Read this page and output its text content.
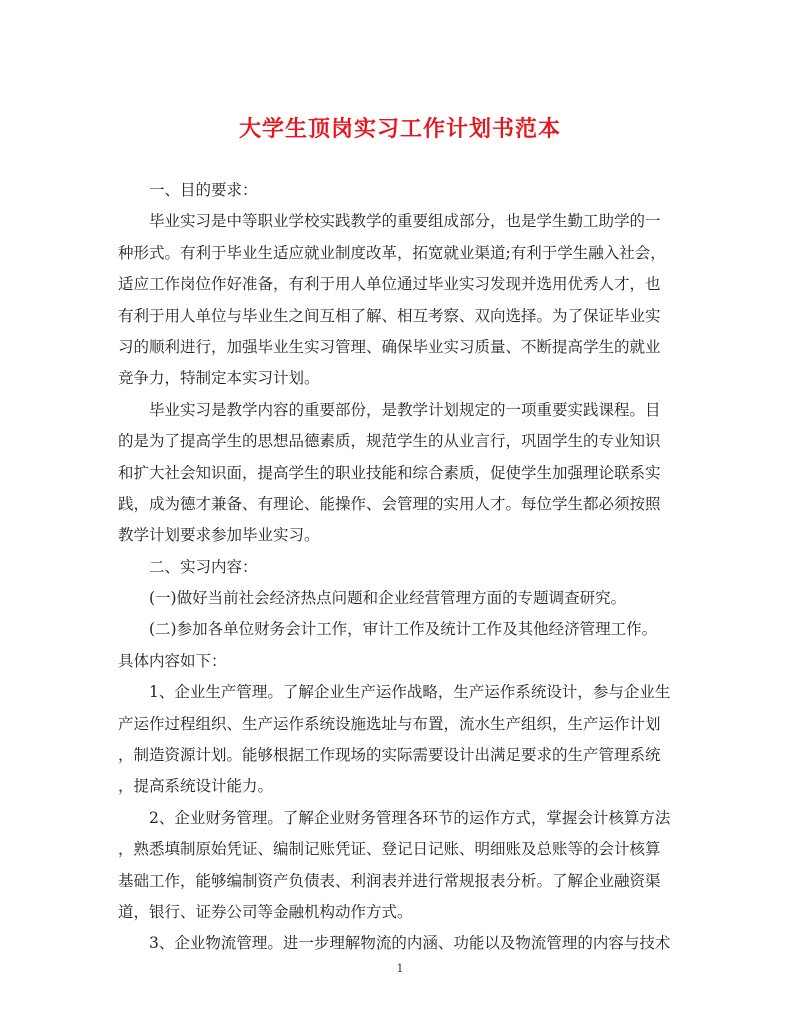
大学生顶岗实习工作计划书范本
一、目的要求：
毕业实习是中等职业学校实践教学的重要组成部分，也是学生勤工助学的一
种形式。有利于毕业生适应就业制度改革，拓宽就业渠道;有利于学生融入社会，
适应工作岗位作好准备，有利于用人单位通过毕业实习发现并选用优秀人才，也
有利于用人单位与毕业生之间互相了解、相互考察、双向选择。为了保证毕业实
习的顺利进行，加强毕业生实习管理、确保毕业实习质量、不断提高学生的就业
竞争力，特制定本实习计划。
毕业实习是教学内容的重要部份，是教学计划规定的一项重要实践课程。目
的是为了提高学生的思想品德素质，规范学生的从业言行，巩固学生的专业知识
和扩大社会知识面，提高学生的职业技能和综合素质，促使学生加强理论联系实
践，成为德才兼备、有理论、能操作、会管理的实用人才。每位学生都必须按照
教学计划要求参加毕业实习。
二、实习内容：
(一)做好当前社会经济热点问题和企业经营管理方面的专题调查研究。
(二)参加各单位财务会计工作，审计工作及统计工作及其他经济管理工作。
具体内容如下：
1、企业生产管理。了解企业生产运作战略，生产运作系统设计，参与企业生
产运作过程组织、生产运作系统设施选址与布置，流水生产组织，生产运作计划
，制造资源计划。能够根据工作现场的实际需要设计出满足要求的生产管理系统
，提高系统设计能力。
2、企业财务管理。了解企业财务管理各环节的运作方式，掌握会计核算方法
，熟悉填制原始凭证、编制记账凭证、登记日记账、明细账及总账等的会计核算
基础工作，能够编制资产负债表、利润表并进行常规报表分析。了解企业融资渠
道，银行、证券公司等金融机构动作方式。
3、企业物流管理。进一步理解物流的内涵、功能以及物流管理的内容与技术
1
